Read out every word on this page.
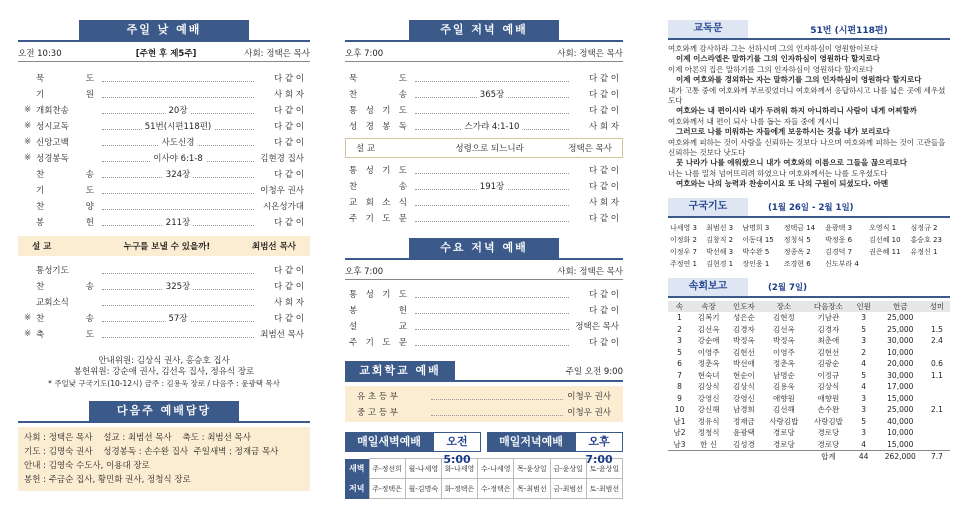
주일 낮 예배
오전 10:30	[주현 후 제5주]	사회: 정택은 목사
묵 도	다 같 이
기 원	사 회 자
※ 개회찬송	20장	다 같 이
※ 성시교독	51번(시편118편)	다 같 이
※ 신앙고백	사도신경	다 같 이
※ 성경봉독	이사야 6:1-8	김현경 집사
찬 송	324장	다 같 이
기 도	이청우 권사
찬 양	시온성가대
봉 헌	211장	다 같 이
설 교	누구를 보낼 수 있을까!	최범선 목사
통성기도	다 같 이
찬 송	325장	다 같 이
교회소식	사 회 자
※ 찬 송	57장	다 같 이
※ 축 도	최범선 목사
안내위원: 김상식 권사, 홍승호 집사
봉헌위원: 강순애 권사, 김선옥 집사, 정유식 장로
* 주일낮 구국기도(10-12시) 금주 : 김용욱 장로 / 다음주 : 윤광택 목사
다음주 예배담당
사회 : 정택은 목사    설교 : 최범선 목사    축도 : 최범선 목사
기도 : 김명숙 권사    성경봉독 : 손수완 집사  주일새벽 : 정재금 목사
안내 : 김영숙 수도사, 이용대 장로
봉헌 : 주금순 집사, 황민화 권사, 정청식 장로
주일 저녁 예배
오후 7:00	사회: 정택은 목사
묵 도	다 같 이
찬 송	365장	다 같 이
통 성 기 도	다 같 이
성 경 봉 독	스가랴 4:1-10	사 회 자
설 교	성령으로 되느니라	정택은 목사
통 성 기 도	다 같 이
찬 송	191장	다 같 이
교 회 소 식	사 회 자
주 기 도 문	다 같 이
수요 저녁 예배
오후 7:00	사회: 정택은 목사
통 성 기 도	다 같 이
봉 헌	다 같 이
설 교	정택은 목사
주 기 도 문	다 같 이
교회학교 예배	주일 오전 9:00
유 초 등 부	이청우 권사
중 고 등 부	이청우 권사
매일새벽예배	오전 5:00
매일저녁예배	오후 7:00
새벽	주-정선희	월-나세영	화-나세영	수-나세영	목-윤상일	금-윤상일	토-윤상일
저녁	주-정택은	월-김명숙	화-정택은	수-정택은	목-최범선	금-최범선	토-최범선
교독문	51번 (시편118편)
여호와께 감사하라 그는 선하시며 그의 인자하심이 영원함이로다
이제 이스라엘은 말하기를 그의 인자하심이 영원하다 할지로다
이제 아론의 집은 말하기를 그의 인자하심이 영원하다 할지로다
이제 여호와를 경외하는 자는 말하기를 그의 인자하심이 영원하다 할지로다
내가 고통 중에 여호와께 부르짖었더니 여호와께서 응답하시고 나를 넓은 곳에 세우셨도다
여호와는 내 편이시라 내가 두려워 하지 아니하리니 사람이 내게 어찌할까
여호와께서 내 편이 되사 나를 돕는 자들 중에 계시니
그러므로 나를 미워하는 자들에게 보응하시는 것을 내가 보리로다
여호와께 피하는 것이 사람을 신뢰하는 것보다 나으며 여호와께 피하는 것이 고관들을 신뢰하는 것보다 낫도다
뭇 나라가 나를 에워쌌으니 내가 여호와의 이름으로 그들을 끊으리로다
너는 나를 밀쳐 넘어뜨리려 하였으나 여호와께서는 나를 도우셨도다
여호와는 나의 능력과 찬송이시요 또 나의 구원이 되셨도다. 아멘
구국기도	(1월 26일 - 2월 1일)
나세영 3	최범선 3	남명희 3	정택금 14	윤광택 3	오영식 1	심정규 2
이정화 2	김창직 2	이동대 15	정청식 5	박정웅 6	김선혜 10	홍승호 23
이정우 7	박선해 3	박수완 5	정종옥 2	김경덕 7	권은혜 11	유정신 1
주정연 1	김현경 1	장인웅 1	조경현 6	신도부라 4		
속회보고	(2월 7일)
속	속장	인도자	장소	다음장소	인원	헌금	성미
1	김복기	성은순	김현정	기남관	3	25,000	
2	김선옥	김경자	김선옥	김경자	5	25,000	1.5
3	강순애	박정옥	박정옥	최춘애	3	30,000	2.4
5	이영주	김현선	이영주	김현선	2	10,000	
6	정춘옥	박선애	정춘옥	김광순	4	20,000	0.6
7	현숙녀	현순이	남명순	이정규	5	30,000	1.1
8	김상식	김상식	김용욱	김상식	4	17,000	
9	강영신	강영신	애향원	애향원	3	15,000	
10	강신해	남경희	김선해	손수완	3	25,000	2.1
남1	정유식	정재금	사랑김밥	사랑김밥	5	40,000	
남2	정청식	윤광택	경로당	경로당	3	10,000	
남3	한 신	김성경	경로당	경로당	4	15,000	
				합계	44	262,000	7.7
